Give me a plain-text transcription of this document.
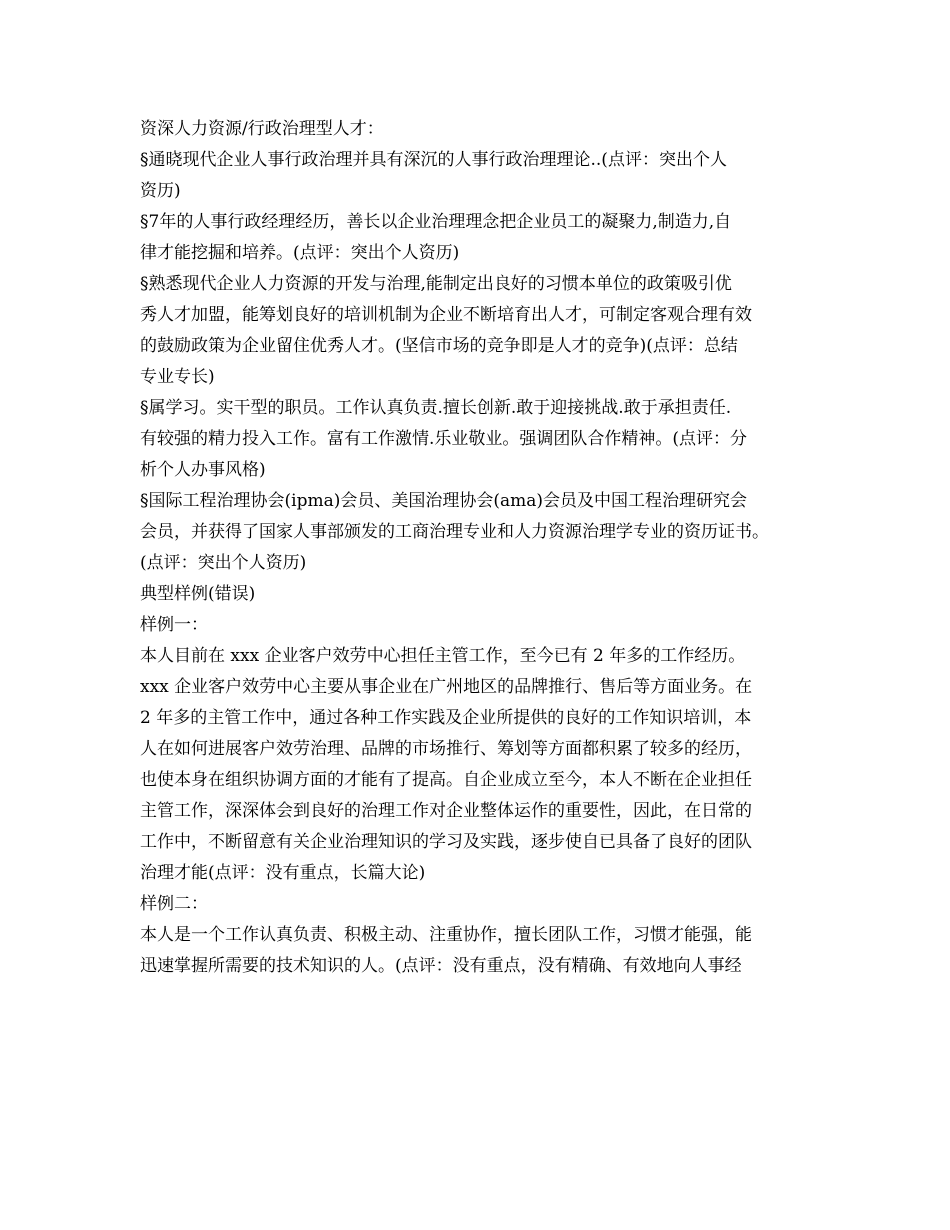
资深人力资源/行政治理型人才：
§通晓现代企业人事行政治理并具有深沉的人事行政治理理论..(点评：突出个人
资历)
§7年的人事行政经理经历，善长以企业治理理念把企业员工的凝聚力,制造力,自
律才能挖掘和培养。(点评：突出个人资历)
§熟悉现代企业人力资源的开发与治理,能制定出良好的习惯本单位的政策吸引优
秀人才加盟，能筹划良好的培训机制为企业不断培育出人才，可制定客观合理有效
的鼓励政策为企业留住优秀人才。(坚信市场的竞争即是人才的竞争)(点评：总结
专业专长)
§属学习。实干型的职员。工作认真负责.擅长创新.敢于迎接挑战.敢于承担责任.
有较强的精力投入工作。富有工作激情.乐业敬业。强调团队合作精神。(点评：分
析个人办事风格)
§国际工程治理协会(ipma)会员、美国治理协会(ama)会员及中国工程治理研究会
会员，并获得了国家人事部颁发的工商治理专业和人力资源治理学专业的资历证书。
(点评：突出个人资历)
典型样例(错误)
样例一：
本人目前在 xxx 企业客户效劳中心担任主管工作，至今已有 2 年多的工作经历。
xxx 企业客户效劳中心主要从事企业在广州地区的品牌推行、售后等方面业务。在
2 年多的主管工作中，通过各种工作实践及企业所提供的良好的工作知识培训，本
人在如何进展客户效劳治理、品牌的市场推行、筹划等方面都积累了较多的经历，
也使本身在组织协调方面的才能有了提高。自企业成立至今，本人不断在企业担任
主管工作，深深体会到良好的治理工作对企业整体运作的重要性，因此，在日常的
工作中，不断留意有关企业治理知识的学习及实践，逐步使自已具备了良好的团队
治理才能(点评：没有重点，长篇大论)
样例二：
本人是一个工作认真负责、积极主动、注重协作，擅长团队工作，习惯才能强，能
迅速掌握所需要的技术知识的人。(点评：没有重点，没有精确、有效地向人事经
